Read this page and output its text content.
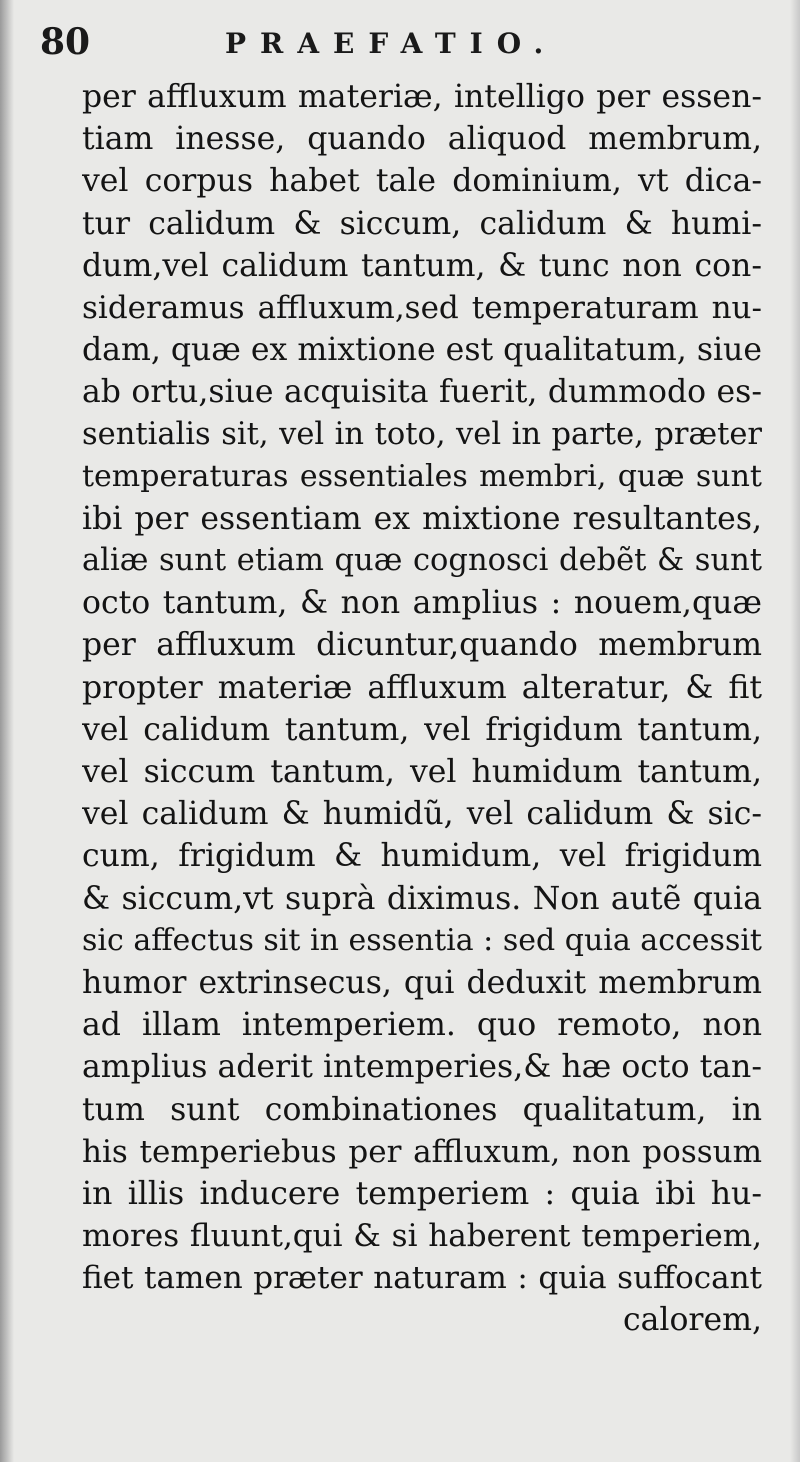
80	PRAEFATIO.
per affluxum materiæ, intelligo per essen-
tiam inesse, quando aliquod membrum,
vel corpus habet tale dominium, vt dica-
tur calidum & siccum, calidum & humi-
dum,vel calidum tantum, & tunc non con-
sideramus affluxum,sed temperaturam nu-
dam, quæ ex mixtione est qualitatum, siue
ab ortu,siue acquisita fuerit, dummodo es-
sentialis sit, vel in toto, vel in parte, præter
temperaturas essentiales membri, quæ sunt
ibi per essentiam ex mixtione resultantes,
aliæ sunt etiam quæ cognosci debẽt & sunt
octo tantum, & non amplius : nouem,quæ
per affluxum dicuntur,quando membrum
propter materiæ affluxum alteratur, & fit
vel calidum tantum, vel frigidum tantum,
vel siccum tantum, vel humidum tantum,
vel calidum & humidũ, vel calidum & sic-
cum, frigidum & humidum, vel frigidum
& siccum,vt suprà diximus. Non autẽ quia
sic affectus sit in essentia : sed quia accessit
humor extrinsecus, qui deduxit membrum
ad illam intemperiem. quo remoto, non
amplius aderit intemperies,& hæ octo tan-
tum sunt combinationes qualitatum, in
his temperiebus per affluxum, non possum
in illis inducere temperiem : quia ibi hu-
mores fluunt,qui & si haberent temperiem,
fiet tamen præter naturam : quia suffocant
calorem,
